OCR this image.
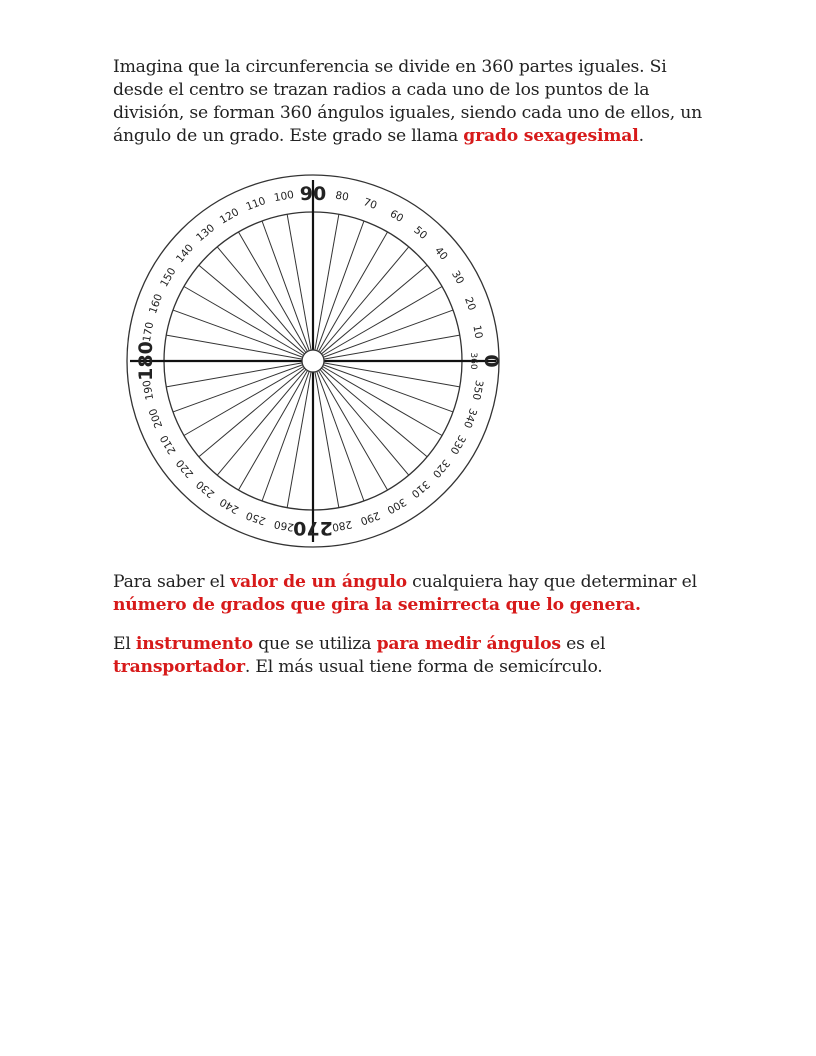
Imagina que la circunferencia se divide en 360 partes iguales. Si desde el centro se trazan radios a cada uno de los puntos de la división, se forman 360 ángulos iguales, siendo cada uno de ellos, un ángulo de un grado. Este grado se llama grado sexagesimal.

0
90
180
270
360
10
20
30
40
50
60
70
80
100
110
120
130
140
150
160
170
190
200
210
220
230
240
250 260	280 290
300
310
320
330
340
350

Para saber el valor de un ángulo cualquiera hay que determinar el número de grados que gira la semirrecta que lo genera.

El instrumento que se utiliza para medir ángulos es el transportador. El más usual tiene forma de semicírculo.
